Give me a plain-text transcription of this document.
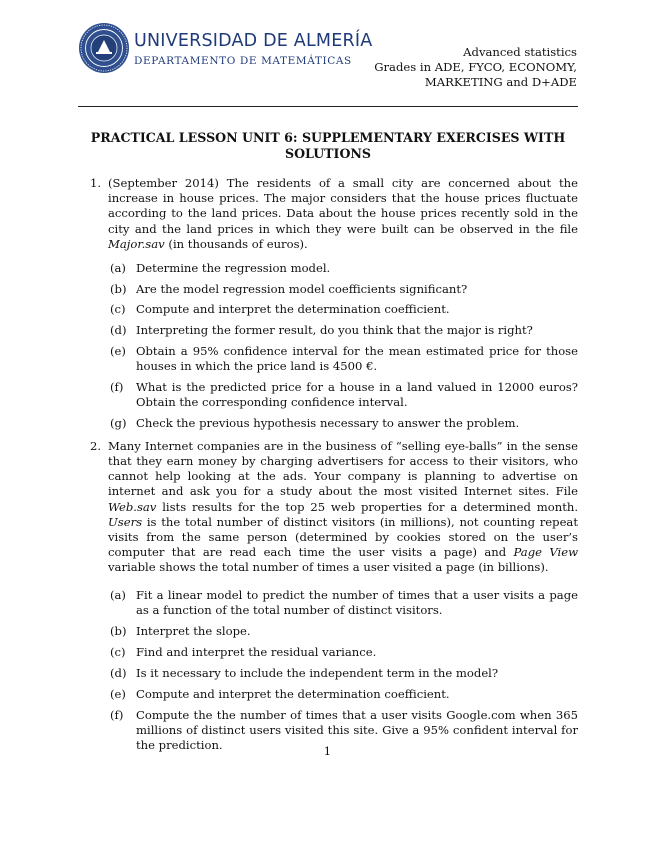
UNIVERSIDAD DE ALMERÍA
DEPARTAMENTO DE MATEMÁTICAS
Advanced statistics
Grades in ADE, FYCO, ECONOMY,
MARKETING and D+ADE
PRACTICAL LESSON UNIT 6: SUPPLEMENTARY EXERCISES WITH SOLUTIONS
1. (September 2014) The residents of a small city are concerned about the increase in house prices. The major considers that the house prices fluctuate according to the land prices. Data about the house prices recently sold in the city and the land prices in which they were built can be observed in the file Major.sav (in thousands of euros).

(a) Determine the regression model.
(b) Are the model regression model coefficients significant?
(c) Compute and interpret the determination coefficient.
(d) Interpreting the former result, do you think that the major is right?
(e) Obtain a 95% confidence interval for the mean estimated price for those houses in which the price land is 4500 €.
(f) What is the predicted price for a house in a land valued in 12000 euros? Obtain the corresponding confidence interval.
(g) Check the previous hypothesis necessary to answer the problem.
2. Many Internet companies are in the business of “selling eye-balls” in the sense that they earn money by charging advertisers for access to their visitors, who cannot help looking at the ads. Your company is planning to advertise on internet and ask you for a study about the most visited Internet sites. File Web.sav lists results for the top 25 web properties for a determined month. Users is the total number of distinct visitors (in millions), not counting repeat visits from the same person (determined by cookies stored on the user’s computer that are read each time the user visits a page) and Page View variable shows the total number of times a user visited a page (in billions).

(a) Fit a linear model to predict the number of times that a user visits a page as a function of the total number of distinct visitors.
(b) Interpret the slope.
(c) Find and interpret the residual variance.
(d) Is it necessary to include the independent term in the model?
(e) Compute and interpret the determination coefficient.
(f) Compute the the number of times that a user visits Google.com when 365 millions of distinct users visited this site. Give a 95% confident interval for the prediction.	1
